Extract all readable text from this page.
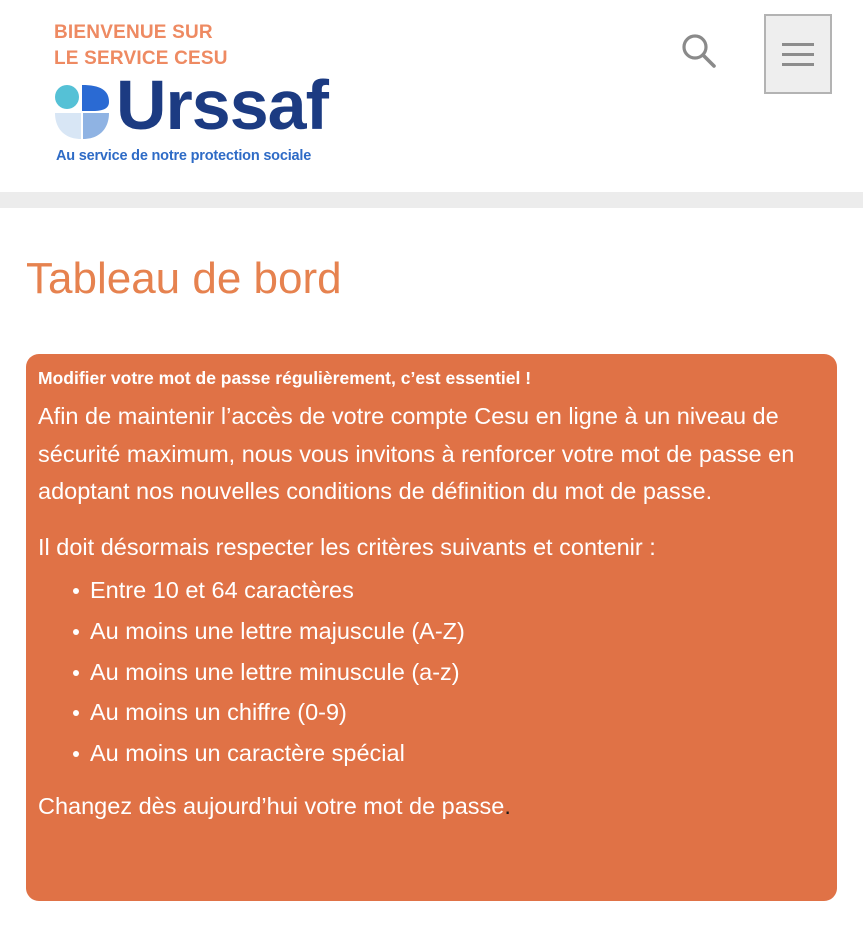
BIENVENUE SUR
LE SERVICE CESU
Urssaf
Au service de notre protection sociale
Tableau de bord

Modifier votre mot de passe régulièrement, c’est essentiel !

Afin de maintenir l’accès de votre compte Cesu en ligne à un niveau de sécurité maximum, nous vous invitons à renforcer votre mot de passe en adoptant nos nouvelles conditions de définition du mot de passe.

Il doit désormais respecter les critères suivants et contenir :

Entre 10 et 64 caractères
Au moins une lettre majuscule (A-Z)
Au moins une lettre minuscule (a-z)
Au moins un chiffre (0-9)
Au moins un caractère spécial

Changez dès aujourd’hui votre mot de passe.
